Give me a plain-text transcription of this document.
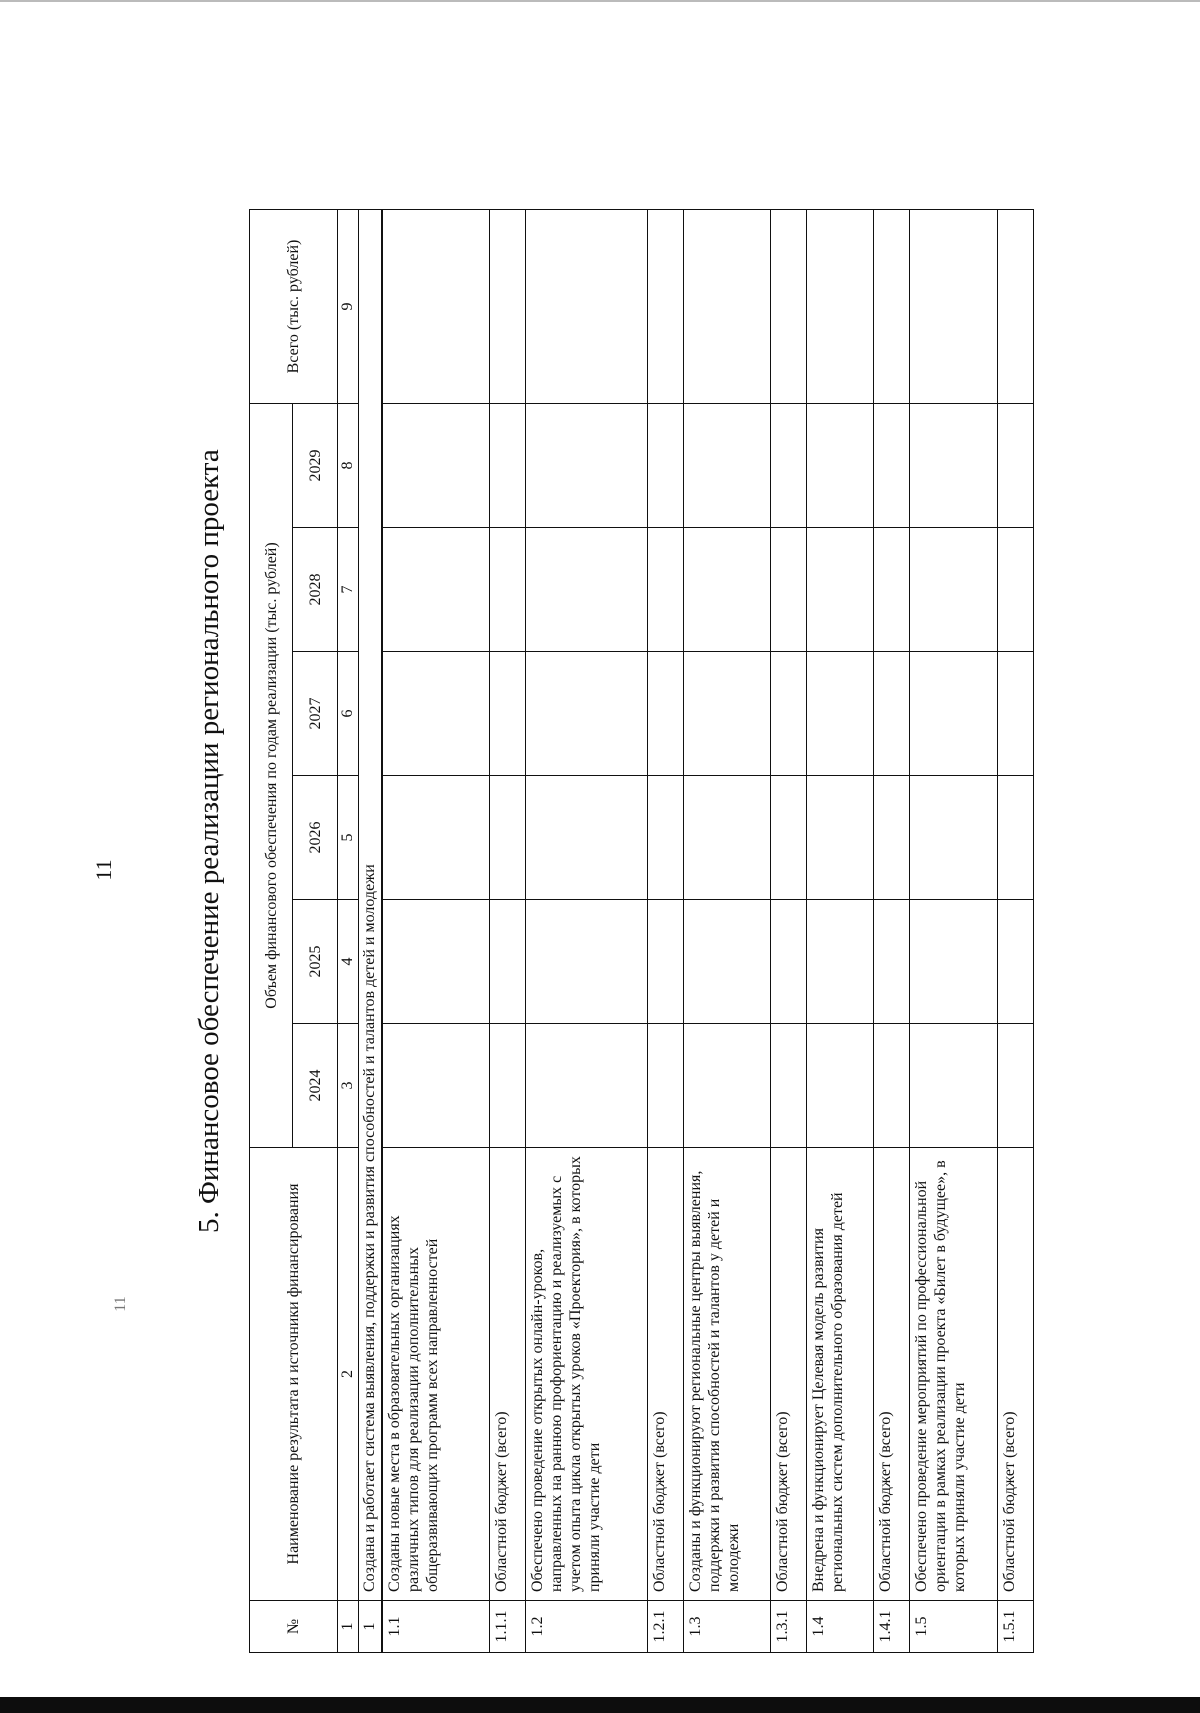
11
11
5. Финансовое обеспечение реализации регионального проекта
№	Наименование результата и источники финансирования	Объем финансового обеспечения по годам реализации (тыс. рублей)						Всего (тыс. рублей)
		2024	2025	2026	2027	2028	2029	
1	2	3	4	5	6	7	8	9
1	Создана и работает система выявления, поддержки и развития способностей и талантов детей и молодежи							
1.1	Созданы новые места в образовательных организациях различных типов для реализации дополнительных общеразвивающих программ всех направленностей							
1.1.1	Областной бюджет (всего)							
1.2	Обеспечено проведение открытых онлайн-уроков, направленных на раннюю профориентацию и реализуемых с учетом опыта цикла открытых уроков «Проектория», в которых приняли участие дети							
1.2.1	Областной бюджет (всего)							
1.3	Созданы и функционируют региональные центры выявления, поддержки и развития способностей и талантов у детей и молодежи							
1.3.1	Областной бюджет (всего)							
1.4	Внедрена и функционирует Целевая модель развития региональных систем дополнительного образования детей							
1.4.1	Областной бюджет (всего)							
1.5	Обеспечено проведение мероприятий по профессиональной ориентации в рамках реализации проекта «Билет в будущее», в которых приняли участие дети							
1.5.1	Областной бюджет (всего)							
